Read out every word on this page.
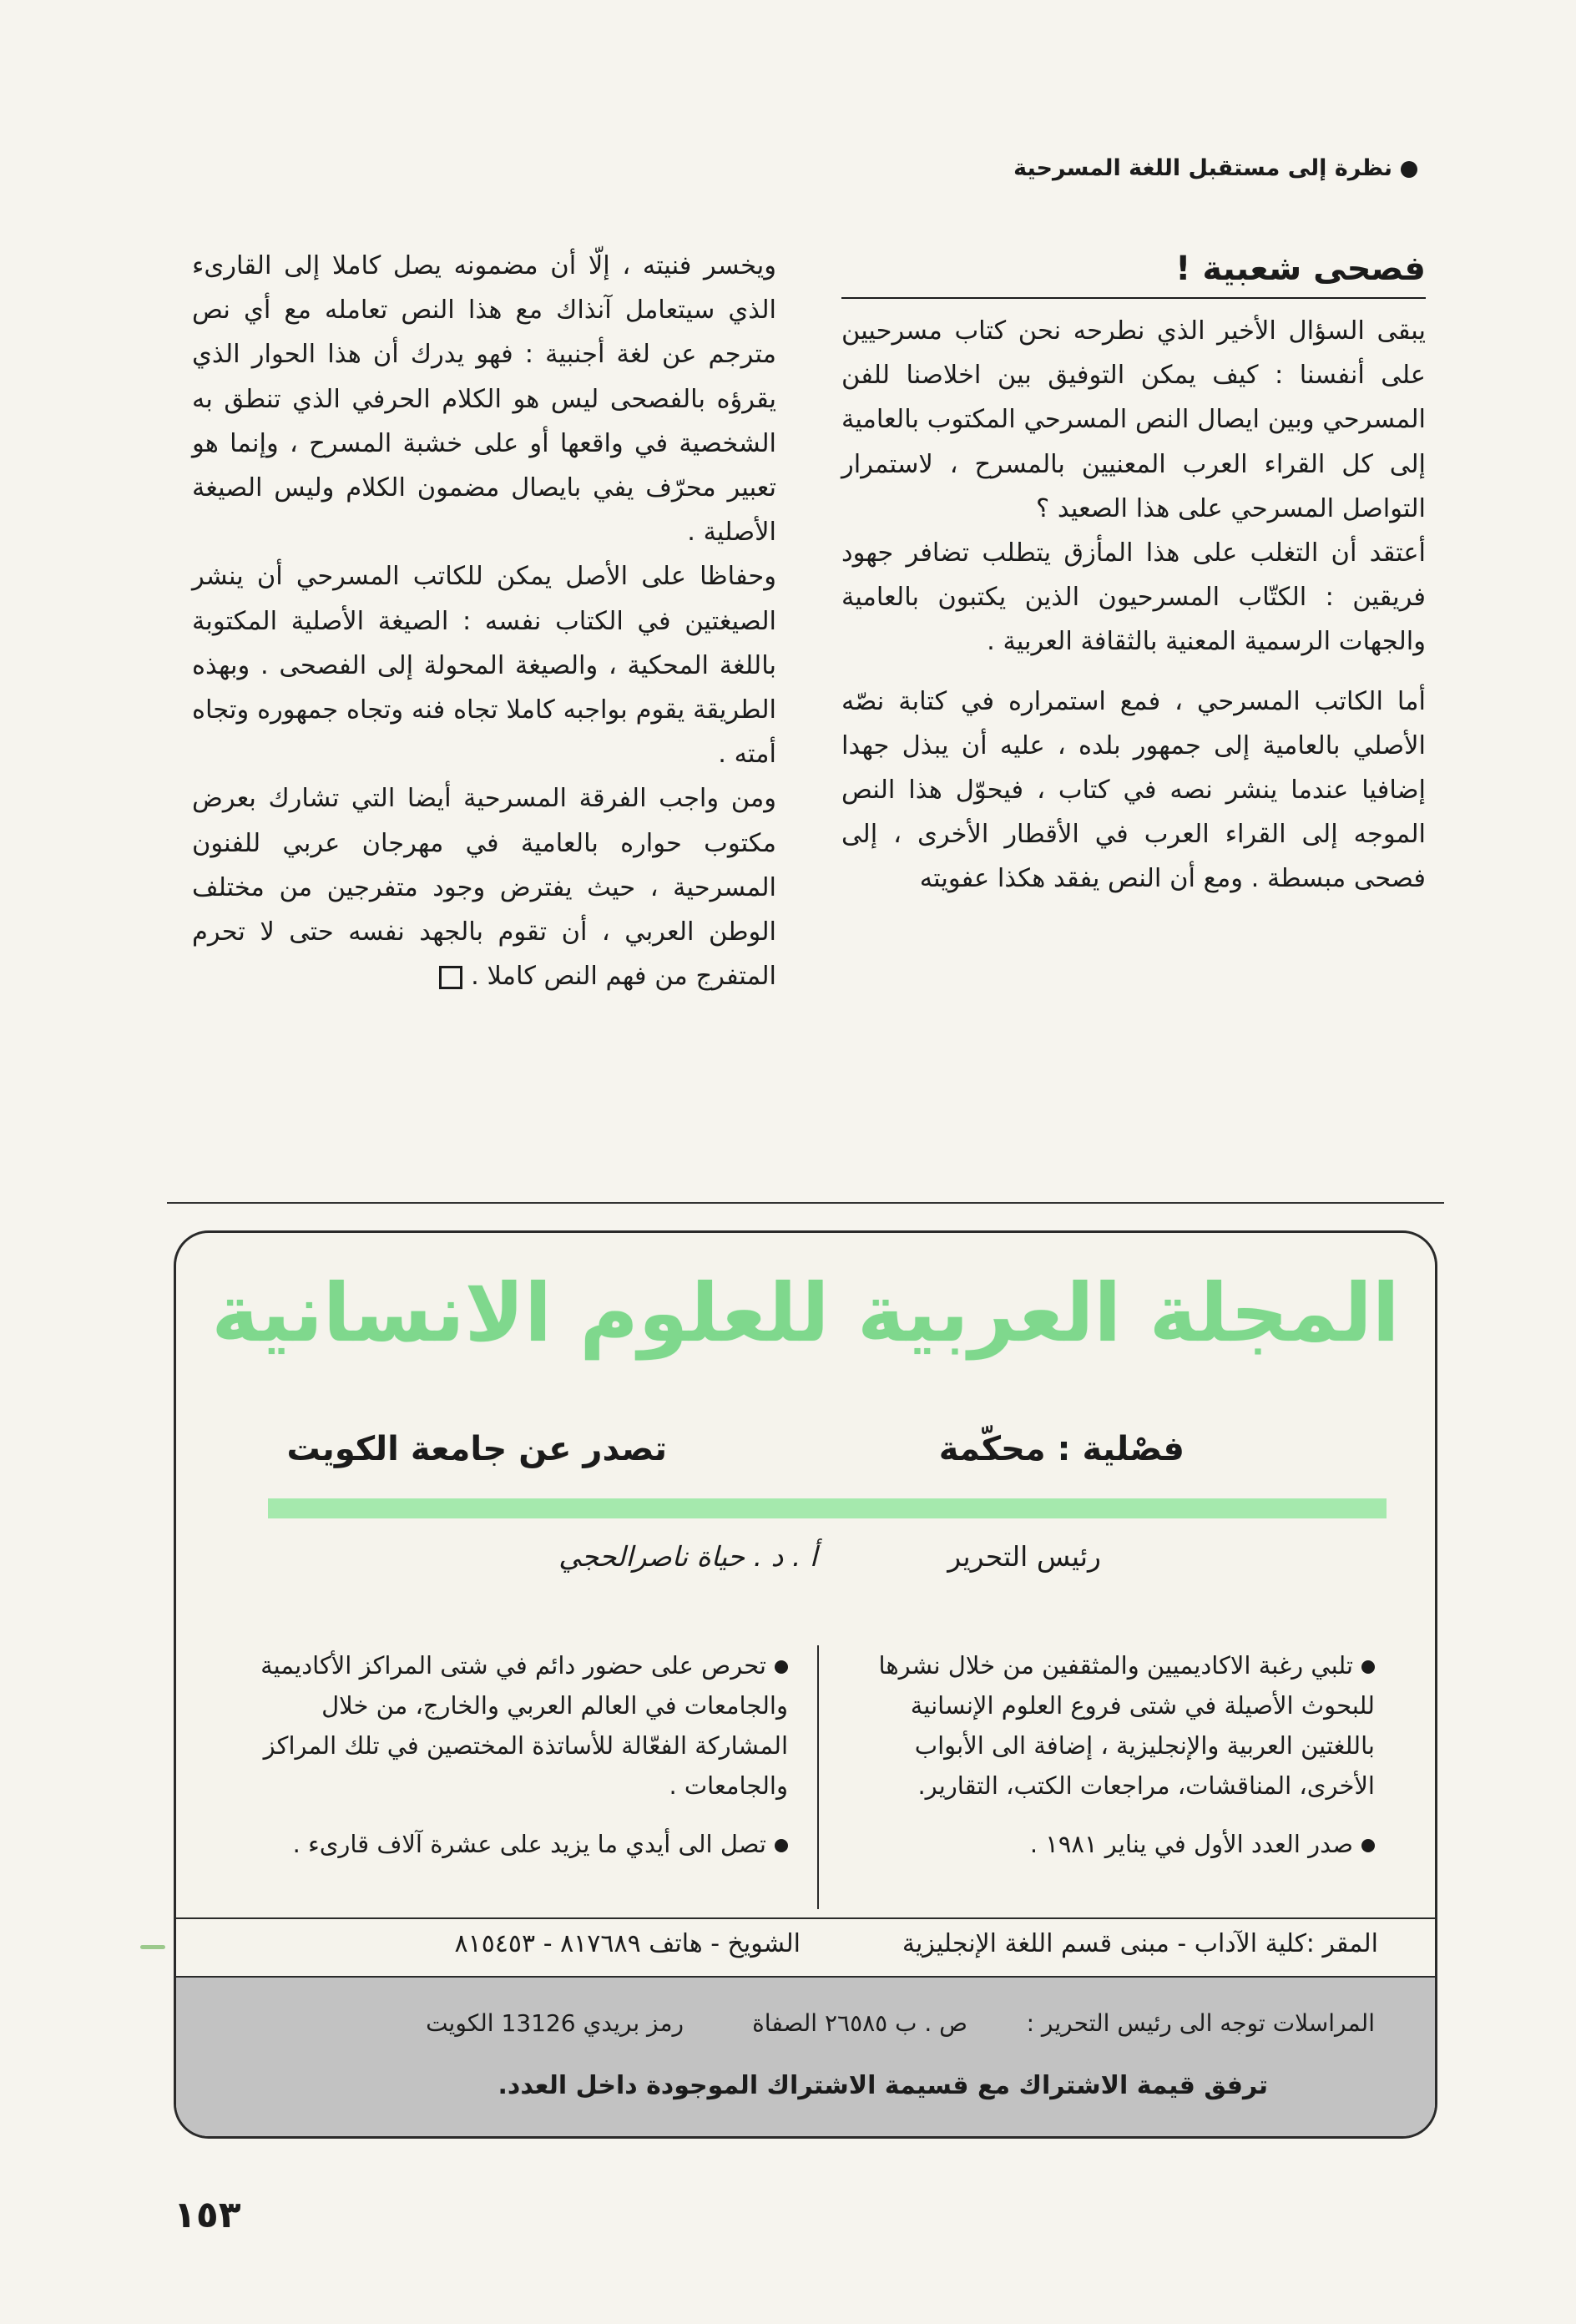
نظرة إلى مستقبل اللغة المسرحية
فصحى شعبية !

يبقى السؤال الأخير الذي نطرحه نحن كتاب مسرحيين على أنفسنا : كيف يمكن التوفيق بين اخلاصنا للفن المسرحي وبين ايصال النص المسرحي المكتوب بالعامية إلى كل القراء العرب المعنيين بالمسرح ، لاستمرار التواصل المسرحي على هذا الصعيد ؟

أعتقد أن التغلب على هذا المأزق يتطلب تضافر جهود فريقين : الكتّاب المسرحيون الذين يكتبون بالعامية والجهات الرسمية المعنية بالثقافة العربية .

أما الكاتب المسرحي ، فمع استمراره في كتابة نصّه الأصلي بالعامية إلى جمهور بلده ، عليه أن يبذل جهدا إضافيا عندما ينشر نصه في كتاب ، فيحوّل هذا النص الموجه إلى القراء العرب في الأقطار الأخرى ، إلى فصحى مبسطة . ومع أن النص يفقد هكذا عفويته

ويخسر فنيته ، إلّا أن مضمونه يصل كاملا إلى القارىء الذي سيتعامل آنذاك مع هذا النص تعامله مع أي نص مترجم عن لغة أجنبية : فهو يدرك أن هذا الحوار الذي يقرؤه بالفصحى ليس هو الكلام الحرفي الذي تنطق به الشخصية في واقعها أو على خشبة المسرح ، وإنما هو تعبير محرّف يفي بايصال مضمون الكلام وليس الصيغة الأصلية .

وحفاظا على الأصل يمكن للكاتب المسرحي أن ينشر الصيغتين في الكتاب نفسه : الصيغة الأصلية المكتوبة باللغة المحكية ، والصيغة المحولة إلى الفصحى . وبهذه الطريقة يقوم بواجبه كاملا تجاه فنه وتجاه جمهوره وتجاه أمته .

ومن واجب الفرقة المسرحية أيضا التي تشارك بعرض مكتوب حواره بالعامية في مهرجان عربي للفنون المسرحية ، حيث يفترض وجود متفرجين من مختلف الوطن العربي ، أن تقوم بالجهد نفسه حتى لا تحرم المتفرج من فهم النص كاملا .

المجلة العربية للعلوم الانسانية
فصْلية : محكّمة
تصدر عن جامعة الكويت
رئيس التحرير
أ . د . حياة ناصرالحجي

تلبي رغبة الاكاديميين والمثقفين من خلال نشرها للبحوث الأصيلة في شتى فروع العلوم الإنسانية باللغتين العربية والإنجليزية ، إضافة الى الأبواب الأخرى، المناقشات، مراجعات الكتب، التقارير.

صدر العدد الأول في يناير ١٩٨١ .

تحرص على حضور دائم في شتى المراكز الأكاديمية والجامعات في العالم العربي والخارج، من خلال المشاركة الفعّالة للأساتذة المختصين في تلك المراكز والجامعات .

تصل الى أيدي ما يزيد على عشرة آلاف قارىء .

المقر :
كلية الآداب - مبنى قسم اللغة الإنجليزية
الشويخ - هاتف ٨١٧٦٨٩ - ٨١٥٤٥٣
المراسلات توجه الى رئيس التحرير :
ص . ب ٢٦٥٨٥ الصفاة
رمز بريدي 13126 الكويت
ترفق قيمة الاشتراك مع قسيمة الاشتراك الموجودة داخل العدد.
١٥٣
